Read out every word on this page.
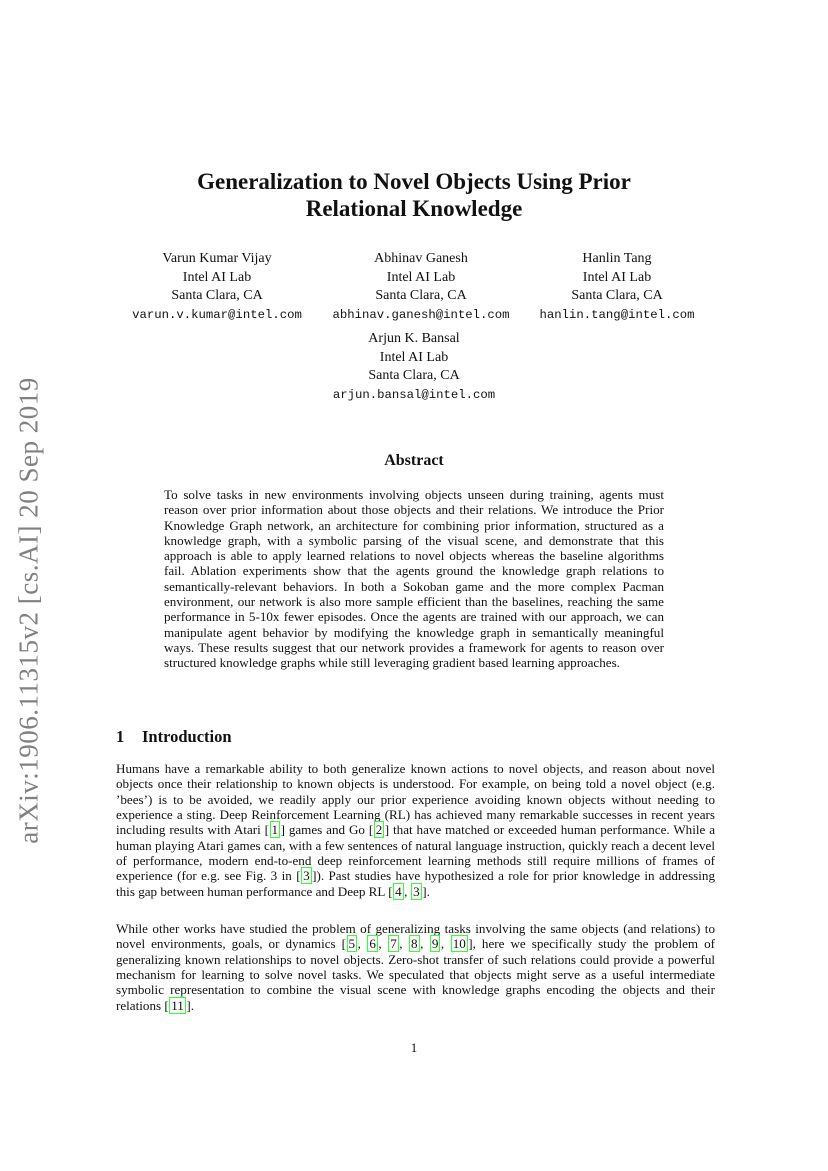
arXiv:1906.11315v2 [cs.AI] 20 Sep 2019
Generalization to Novel Objects Using Prior
Relational Knowledge
Varun Kumar Vijay
Intel AI Lab
Santa Clara, CA
varun.v.kumar@intel.com
Abhinav Ganesh
Intel AI Lab
Santa Clara, CA
abhinav.ganesh@intel.com
Hanlin Tang
Intel AI Lab
Santa Clara, CA
hanlin.tang@intel.com
Arjun K. Bansal
Intel AI Lab
Santa Clara, CA
arjun.bansal@intel.com
Abstract
To solve tasks in new environments involving objects unseen during training, agents must reason over prior information about those objects and their relations. We introduce the Prior Knowledge Graph network, an architecture for combining prior information, structured as a knowledge graph, with a symbolic parsing of the visual scene, and demonstrate that this approach is able to apply learned relations to novel objects whereas the baseline algorithms fail. Ablation experiments show that the agents ground the knowledge graph relations to semantically-relevant behaviors. In both a Sokoban game and the more complex Pacman environment, our network is also more sample efficient than the baselines, reaching the same performance in 5-10x fewer episodes. Once the agents are trained with our approach, we can manipulate agent behavior by modifying the knowledge graph in semantically meaningful ways. These results suggest that our network provides a framework for agents to reason over structured knowledge graphs while still leveraging gradient based learning approaches.
1 Introduction

Humans have a remarkable ability to both generalize known actions to novel objects, and reason about novel objects once their relationship to known objects is understood. For example, on being told a novel object (e.g. ’bees’) is to be avoided, we readily apply our prior experience avoiding known objects without needing to experience a sting. Deep Reinforcement Learning (RL) has achieved many remarkable successes in recent years including results with Atari [ 1 ] games and Go [ 2 ] that have matched or exceeded human performance. While a human playing Atari games can, with a few sentences of natural language instruction, quickly reach a decent level of performance, modern end-to-end deep reinforcement learning methods still require millions of frames of experience (for e.g. see Fig. 3 in [ 3 ]). Past studies have hypothesized a role for prior knowledge in addressing this gap between human performance and Deep RL [ 4 , 3 ].

While other works have studied the problem of generalizing tasks involving the same objects (and relations) to novel environments, goals, or dynamics [ 5 , 6 , 7 , 8 , 9 , 10 ], here we specifically study the problem of generalizing known relationships to novel objects. Zero-shot transfer of such relations could provide a powerful mechanism for learning to solve novel tasks. We speculated that objects might serve as a useful intermediate symbolic representation to combine the visual scene with knowledge graphs encoding the objects and their relations [ 11 ].

1
